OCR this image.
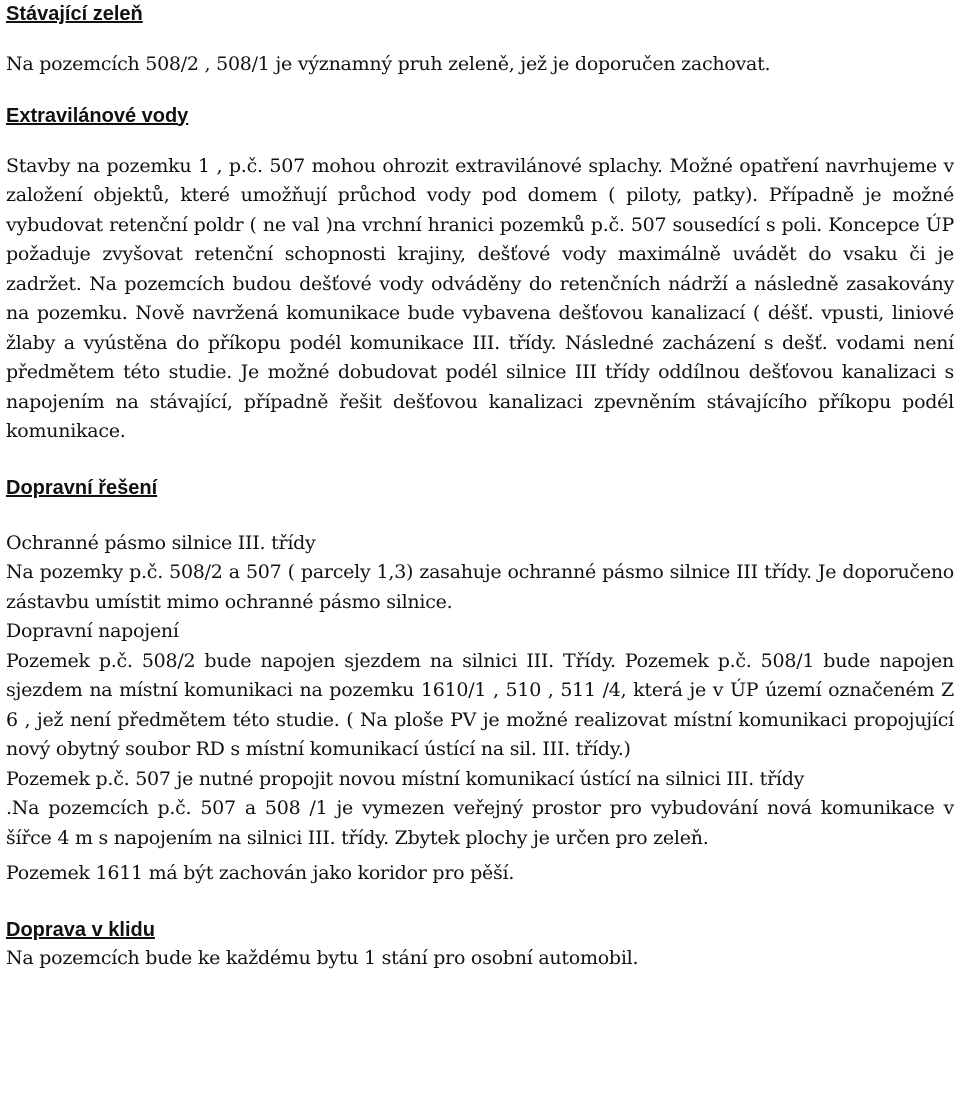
Stávající zeleň

Na pozemcích 508/2 , 508/1 je významný pruh zeleně, jež je doporučen zachovat.

Extravilánové vody

Stavby na pozemku 1 , p.č. 507 mohou ohrozit extravilánové splachy. Možné opatření navrhujeme v založení objektů, které umožňují průchod vody pod domem ( piloty, patky). Případně je možné vybudovat retenční poldr ( ne val )na vrchní hranici pozemků p.č. 507 sousedící s poli. Koncepce ÚP požaduje zvyšovat retenční schopnosti krajiny, dešťové vody maximálně uvádět do vsaku či je zadržet. Na pozemcích budou dešťové vody odváděny do retenčních nádrží a následně zasakovány na pozemku. Nově navržená komunikace bude vybavena dešťovou kanalizací ( déšť. vpusti, liniové žlaby a vyústěna do příkopu podél komunikace III. třídy. Následné zacházení s dešť. vodami není předmětem této studie. Je možné dobudovat podél silnice III třídy oddílnou dešťovou kanalizaci s napojením na stávající, případně řešit dešťovou kanalizaci zpevněním stávajícího příkopu podél komunikace.

Dopravní řešení

Ochranné pásmo silnice III. třídy

Na pozemky p.č. 508/2 a 507 ( parcely 1,3) zasahuje ochranné pásmo silnice III třídy. Je doporučeno zástavbu umístit mimo ochranné pásmo silnice.

Dopravní napojení

Pozemek p.č. 508/2 bude napojen sjezdem na silnici III. Třídy. Pozemek p.č. 508/1 bude napojen sjezdem na místní komunikaci na pozemku 1610/1 , 510 , 511 /4, která je v ÚP území označeném Z 6 , jež není předmětem této studie. ( Na ploše PV je možné realizovat místní komunikaci propojující nový obytný soubor RD s místní komunikací ústící na sil. III. třídy.)

Pozemek p.č. 507 je nutné propojit novou místní komunikací ústící na silnici III. třídy

.Na pozemcích p.č. 507 a 508 /1 je vymezen veřejný prostor pro vybudování nová komunikace v šířce 4 m s napojením na silnici III. třídy. Zbytek plochy je určen pro zeleň.

Pozemek 1611 má být zachován jako koridor pro pěší.

Doprava v klidu

Na pozemcích bude ke každému bytu 1 stání pro osobní automobil.
